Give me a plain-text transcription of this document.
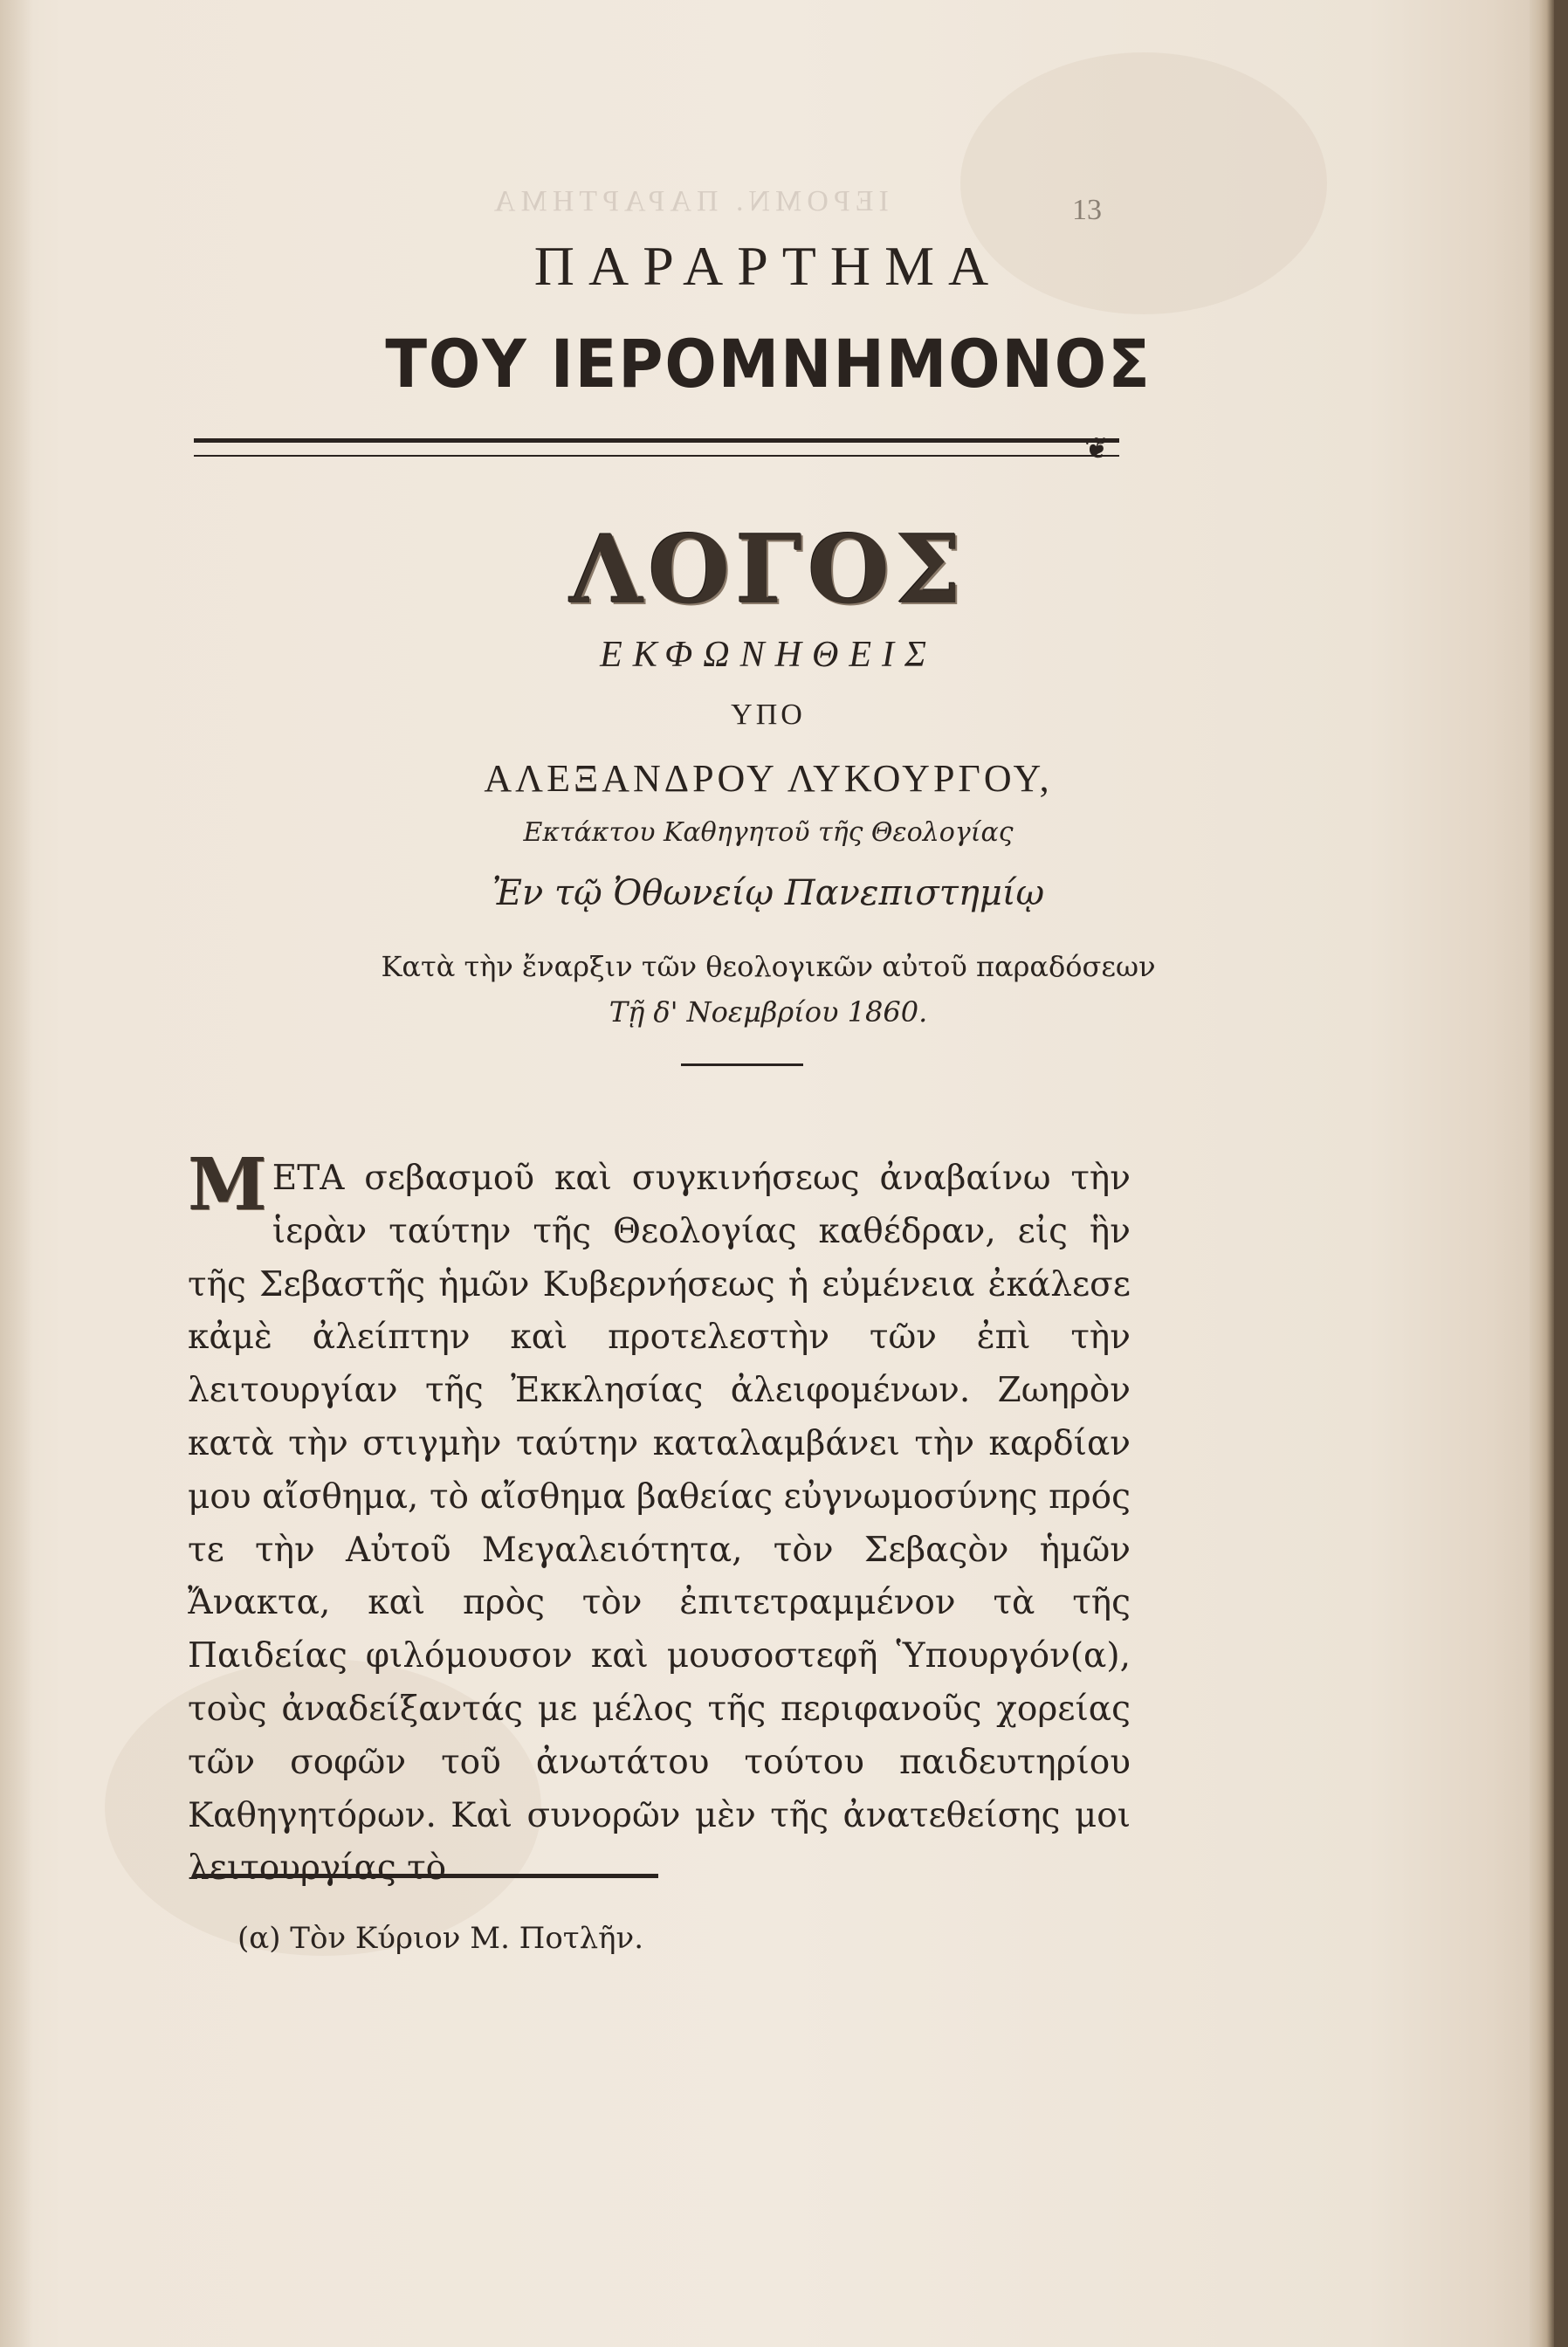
ΙΕΡΟΜΝ. ΠΑΡΑΡΤΗΜΑ	13
ΠΑΡΑΡΤΗΜΑ
ΤΟΥ ΙΕΡΟΜΝΗΜΟΝΟΣ
❦
ΛΟΓΟΣ
ΕΚΦΩΝΗΘΕΙΣ
ΥΠΟ
ΑΛΕΞΑΝΔΡΟΥ ΛΥΚΟΥΡΓΟΥ,
Εκτάκτου Καθηγητοῦ τῆς Θεολογίας
Ἐν τῷ Ὀθωνείῳ Πανεπιστημίῳ
Κατὰ τὴν ἔναρξιν τῶν θεολογικῶν αὐτοῦ παραδόσεων
Τῇ δ' Νοεμβρίου 1860.
ΜΕΤΑ σεβασμοῦ καὶ συγκινήσεως ἀναβαίνω τὴν ἱερὰν ταύτην τῆς Θεολογίας καθέδραν, εἰς ἣν τῆς Σεβαστῆς ἡμῶν Κυβερνήσεως ἡ εὐμένεια ἐκάλεσε κἀμὲ ἀλείπτην καὶ προτελεστὴν τῶν ἐπὶ τὴν λειτουργίαν τῆς Ἐκκλησίας ἀλειφομένων. Ζωηρὸν κατὰ τὴν στιγμὴν ταύτην καταλαμβάνει τὴν καρδίαν μου αἴσθημα, τὸ αἴσθημα βαθείας εὐγνωμοσύνης πρός τε τὴν Αὐτοῦ Μεγαλειότητα, τὸν Σεβαςὸν ἡμῶν Ἄνακτα, καὶ πρὸς τὸν ἐπιτετραμμένον τὰ τῆς Παιδείας φιλόμουσον καὶ μουσοστεφῆ Ὑπουργόν(α), τοὺς ἀναδείξαντάς με μέλος τῆς περιφανοῦς χορείας τῶν σοφῶν τοῦ ἀνωτάτου τούτου παιδευτηρίου Καθηγητόρων. Καὶ συνορῶν μὲν τῆς ἀνατεθείσης μοι λειτουργίας τὸ
(α) Τὸν Κύριον Μ. Ποτλῆν.
